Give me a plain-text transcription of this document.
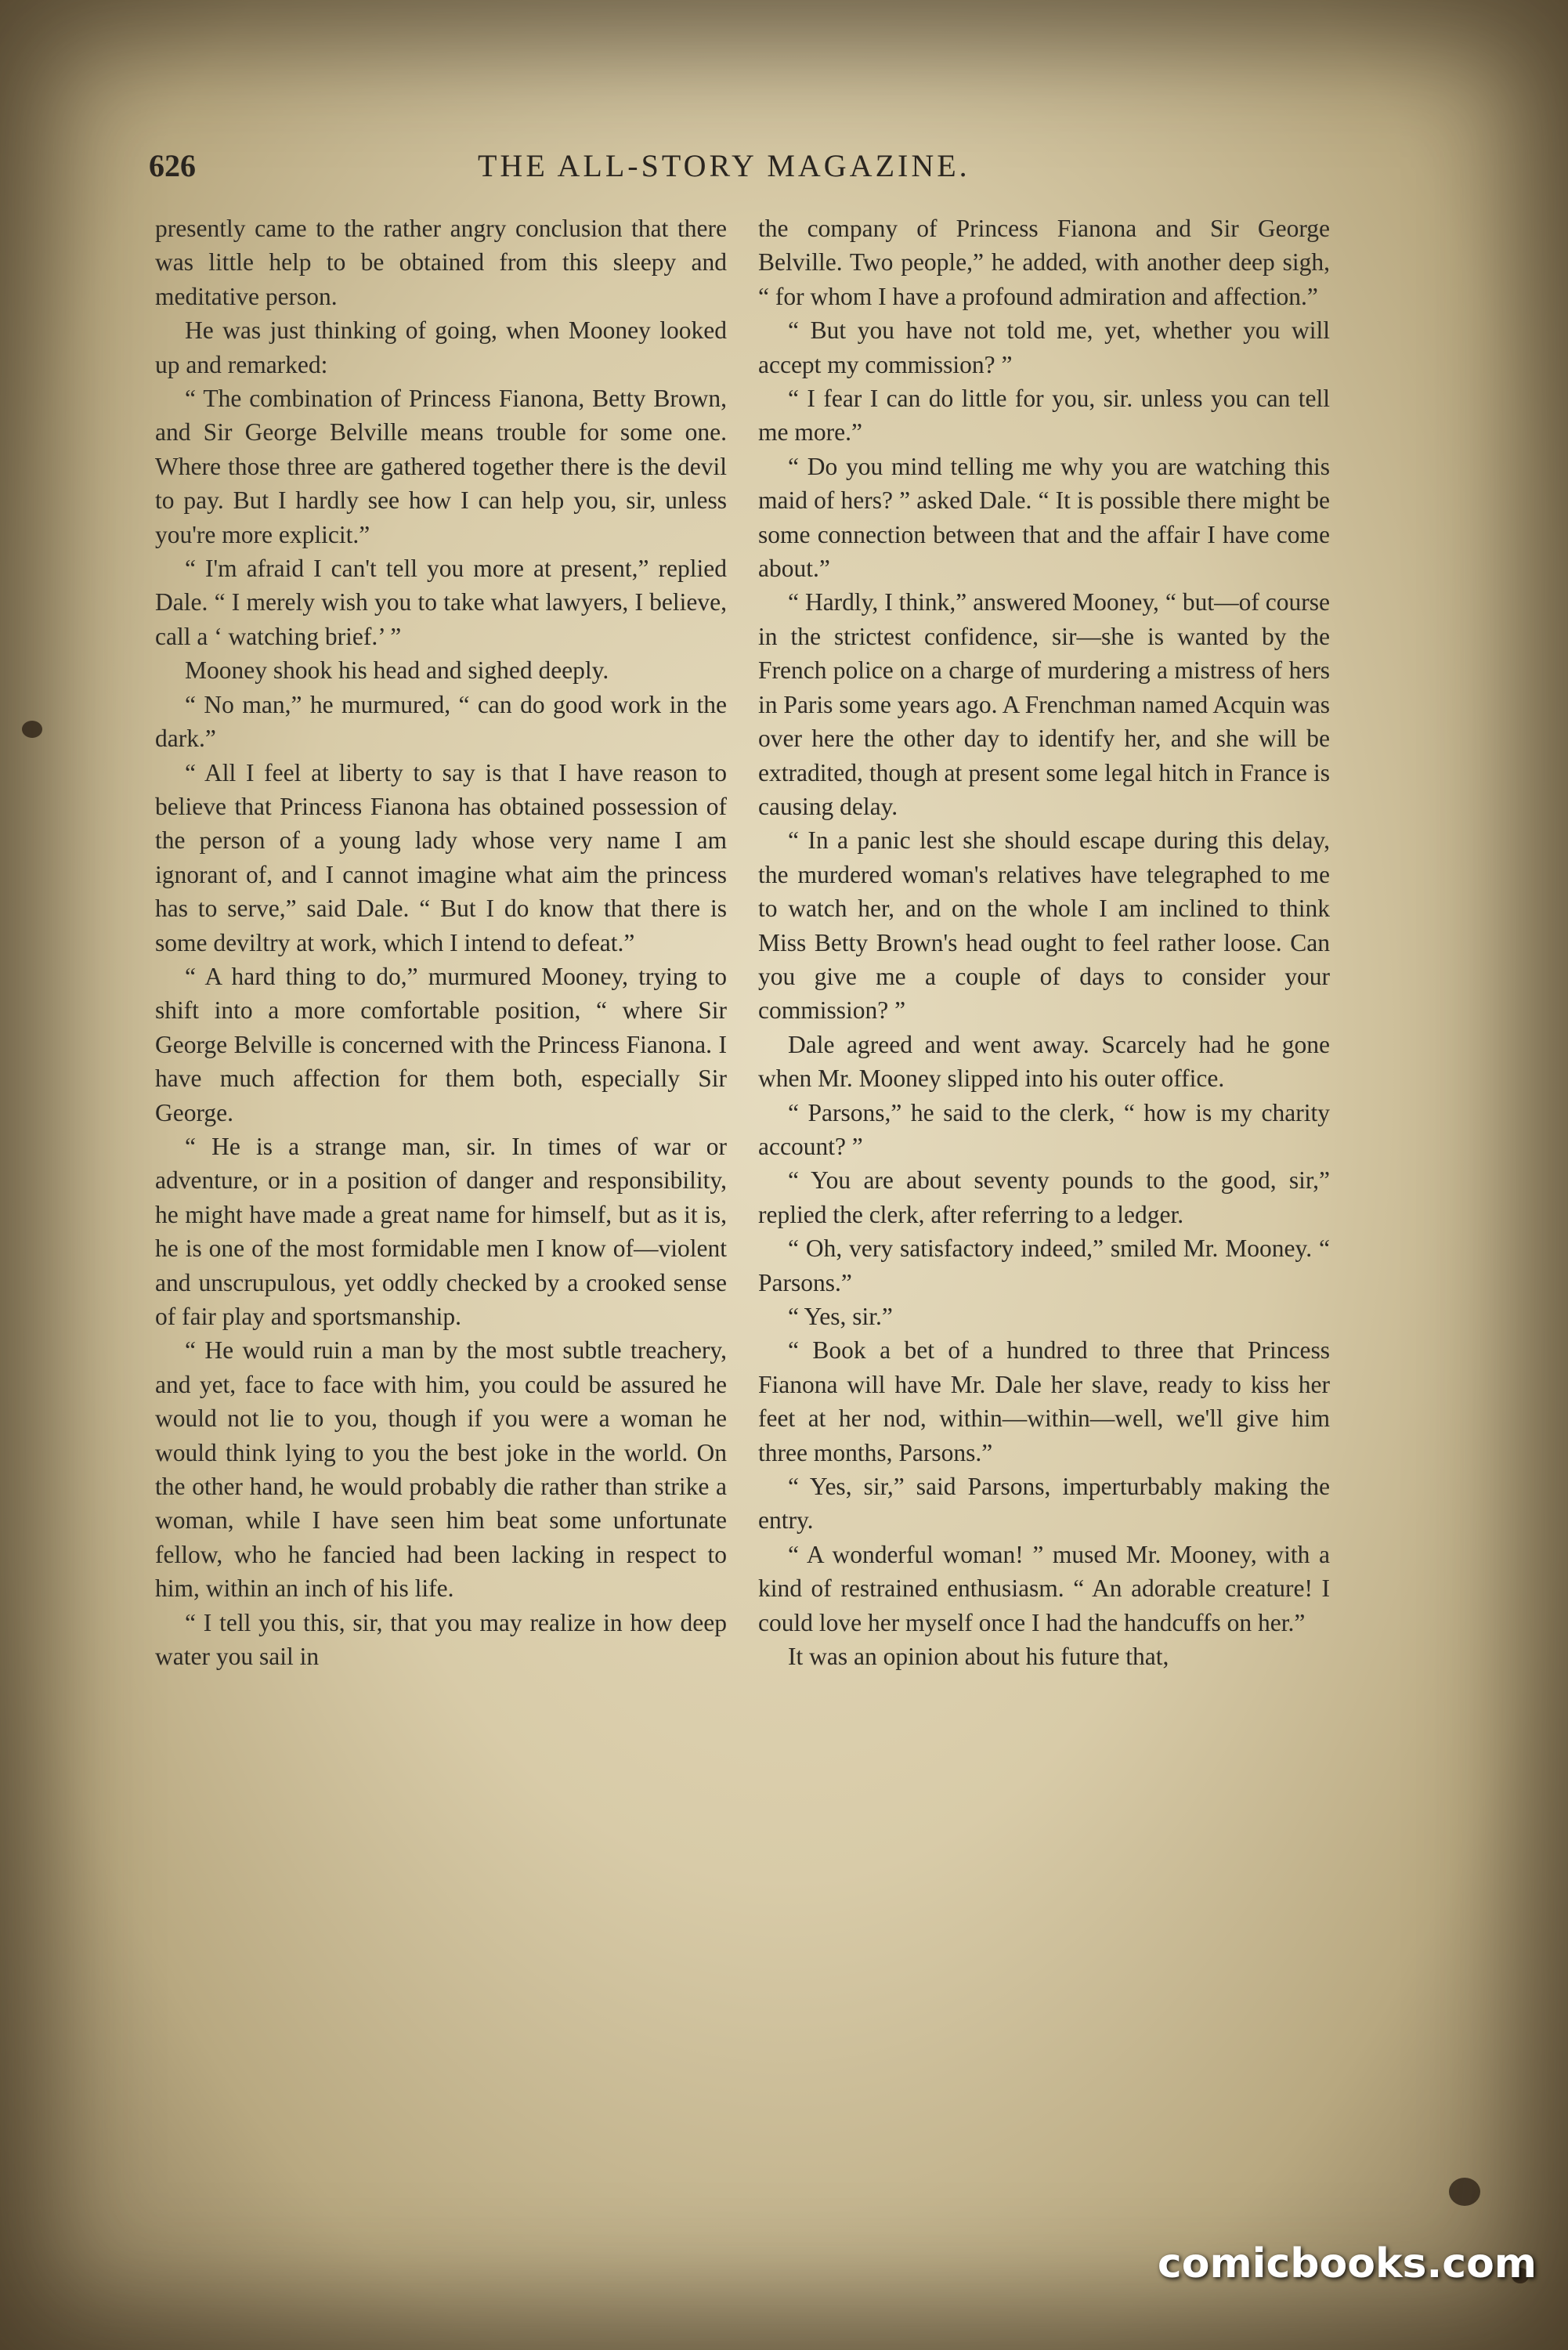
626	THE ALL-STORY MAGAZINE.

presently came to the rather angry conclusion that there was little help to be obtained from this sleepy and meditative person.

He was just thinking of going, when Mooney looked up and remarked:

“ The combination of Princess Fianona, Betty Brown, and Sir George Belville means trouble for some one. Where those three are gathered together there is the devil to pay. But I hardly see how I can help you, sir, unless you're more explicit.”

“ I'm afraid I can't tell you more at present,” replied Dale. “ I merely wish you to take what lawyers, I believe, call a ‘ watching brief.’ ”

Mooney shook his head and sighed deeply.

“ No man,” he murmured, “ can do good work in the dark.”

“ All I feel at liberty to say is that I have reason to believe that Princess Fianona has obtained possession of the person of a young lady whose very name I am ignorant of, and I cannot imagine what aim the princess has to serve,” said Dale. “ But I do know that there is some deviltry at work, which I intend to defeat.”

“ A hard thing to do,” murmured Mooney, trying to shift into a more comfortable position, “ where Sir George Belville is concerned with the Princess Fianona. I have much affection for them both, especially Sir George.

“ He is a strange man, sir. In times of war or adventure, or in a position of danger and responsibility, he might have made a great name for himself, but as it is, he is one of the most formidable men I know of—violent and unscrupulous, yet oddly checked by a crooked sense of fair play and sportsmanship.

“ He would ruin a man by the most subtle treachery, and yet, face to face with him, you could be assured he would not lie to you, though if you were a woman he would think lying to you the best joke in the world. On the other hand, he would probably die rather than strike a woman, while I have seen him beat some unfortunate fellow, who he fancied had been lacking in respect to him, within an inch of his life.

“ I tell you this, sir, that you may realize in how deep water you sail in

the company of Princess Fianona and Sir George Belville. Two people,” he added, with another deep sigh, “ for whom I have a profound admiration and affection.”

“ But you have not told me, yet, whether you will accept my commission? ”

“ I fear I can do little for you, sir. unless you can tell me more.”

“ Do you mind telling me why you are watching this maid of hers? ” asked Dale. “ It is possible there might be some connection between that and the affair I have come about.”

“ Hardly, I think,” answered Mooney, “ but—of course in the strictest confidence, sir—she is wanted by the French police on a charge of murdering a mistress of hers in Paris some years ago. A Frenchman named Acquin was over here the other day to identify her, and she will be extradited, though at present some legal hitch in France is causing delay.

“ In a panic lest she should escape during this delay, the murdered woman's relatives have telegraphed to me to watch her, and on the whole I am inclined to think Miss Betty Brown's head ought to feel rather loose. Can you give me a couple of days to consider your commission? ”

Dale agreed and went away. Scarcely had he gone when Mr. Mooney slipped into his outer office.

“ Parsons,” he said to the clerk, “ how is my charity account? ”

“ You are about seventy pounds to the good, sir,” replied the clerk, after referring to a ledger.

“ Oh, very satisfactory indeed,” smiled Mr. Mooney. “ Parsons.”

“ Yes, sir.”

“ Book a bet of a hundred to three that Princess Fianona will have Mr. Dale her slave, ready to kiss her feet at her nod, within—within—well, we'll give him three months, Parsons.”

“ Yes, sir,” said Parsons, imperturbably making the entry.

“ A wonderful woman! ” mused Mr. Mooney, with a kind of restrained enthusiasm. “ An adorable creature! I could love her myself once I had the handcuffs on her.”

It was an opinion about his future that,

comicbooks.com
